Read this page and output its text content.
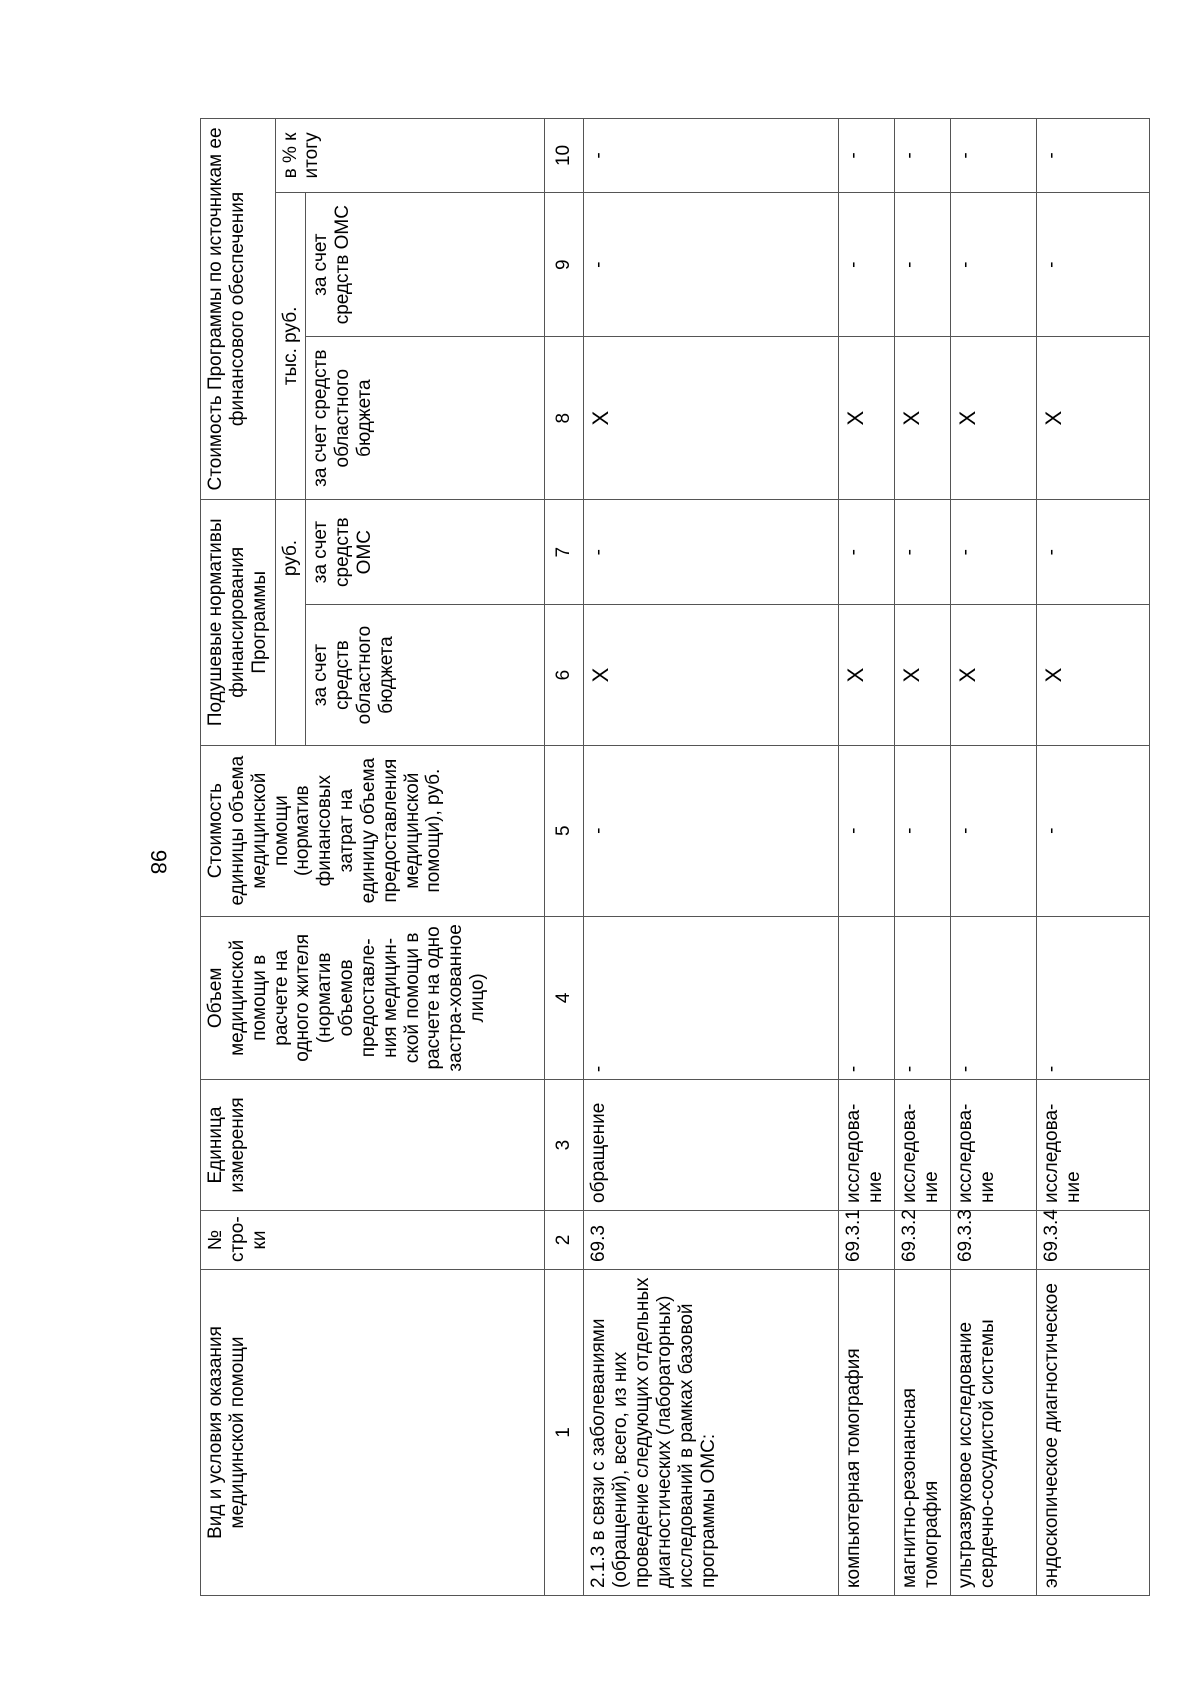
98
Вид и условия оказания медицинской помощи	№ стро-ки	Единица измерения	Объем медицинской помощи в расчете на одного жителя (норматив объемов предоставле-ния медицин-ской помощи в расчете на одно застра-хованное лицо)	Стоимость единицы объема медицинской помощи (норматив финансовых затрат на единицу объема предоставления медицинской помощи), руб.	Подушевые нормативы финансирования Программы		Стоимость Программы по источникам ее финансового обеспечения		
					руб.		тыс. руб.		в % к итогу
					за счет средств областного бюджета	за счет средств ОМС	за счет средств областного бюджета	за счет средств ОМС	
1	2	3	4	5	6	7	8	9	10
2.1.3 в связи с заболеваниями (обращений), всего, из них проведение следующих отдельных диагностических (лабораторных) исследований в рамках базовой программы ОМС:	69.3	обращение	-	-	X	-	X	-	-
компьютерная томография	69.3.1	исследова-ние	-	-	X	-	X	-	-
магнитно-резонансная томография	69.3.2	исследова-ние	-	-	X	-	X	-	-
ультразвуковое исследование сердечно-сосудистой системы	69.3.3	исследова-ние	-	-	X	-	X	-	-
эндоскопическое диагностическое	69.3.4	исследова-ние	-	-	X	-	X	-	-
